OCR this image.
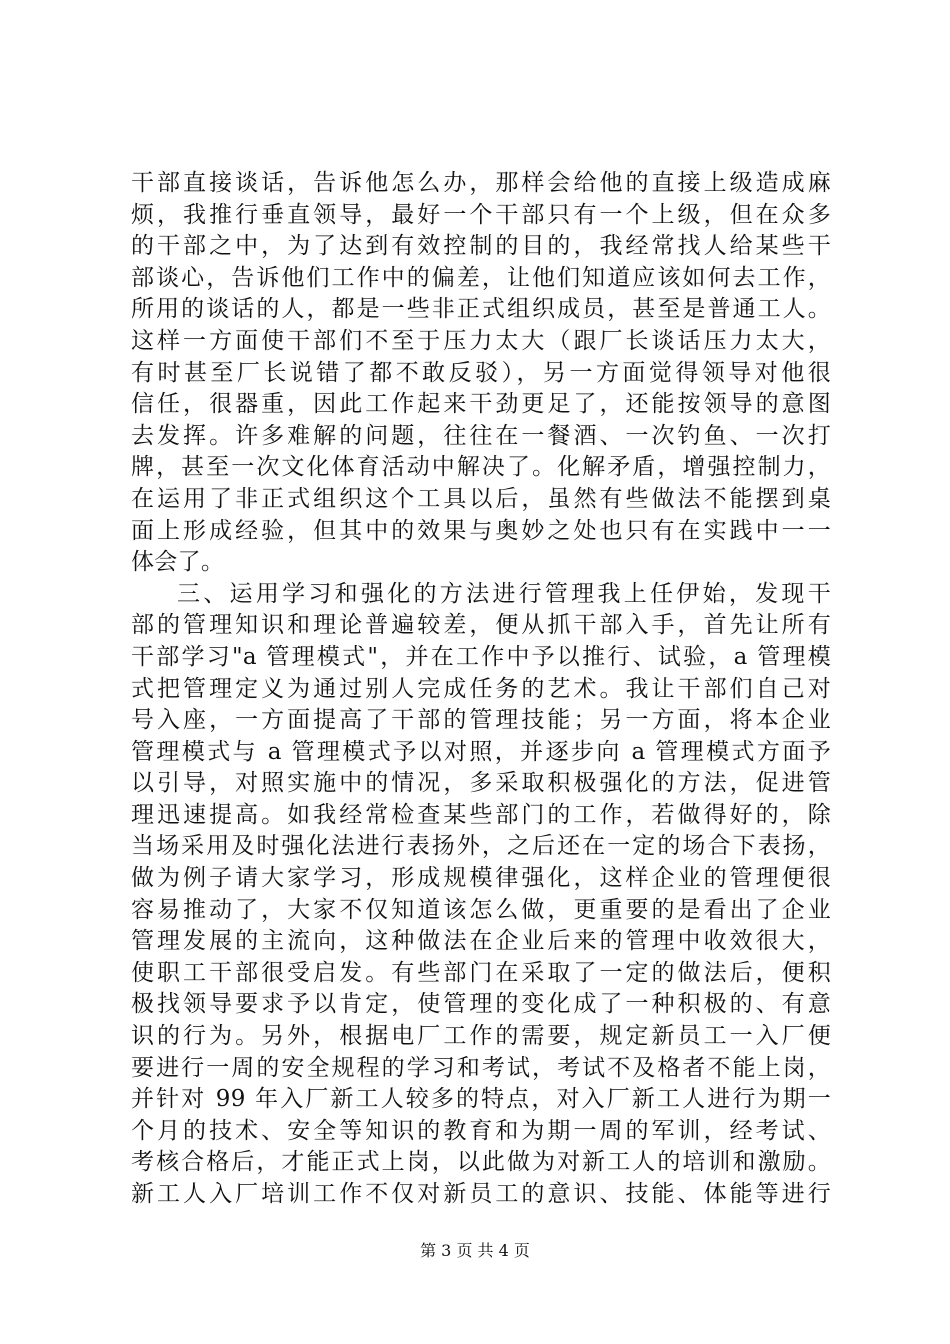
干部直接谈话，告诉他怎么办，那样会给他的直接上级造成麻
烦，我推行垂直领导，最好一个干部只有一个上级，但在众多
的干部之中，为了达到有效控制的目的，我经常找人给某些干
部谈心，告诉他们工作中的偏差，让他们知道应该如何去工作，
所用的谈话的人，都是一些非正式组织成员，甚至是普通工人。
这样一方面使干部们不至于压力太大（跟厂长谈话压力太大，
有时甚至厂长说错了都不敢反驳），另一方面觉得领导对他很
信任，很器重，因此工作起来干劲更足了，还能按领导的意图
去发挥。许多难解的问题，往往在一餐酒、一次钓鱼、一次打
牌，甚至一次文化体育活动中解决了。化解矛盾，增强控制力，
在运用了非正式组织这个工具以后，虽然有些做法不能摆到桌
面上形成经验，但其中的效果与奥妙之处也只有在实践中一一
体会了。
三、运用学习和强化的方法进行管理我上任伊始，发现干
部的管理知识和理论普遍较差，便从抓干部入手，首先让所有
干部学习"a 管理模式"，并在工作中予以推行、试验，a 管理模
式把管理定义为通过别人完成任务的艺术。我让干部们自己对
号入座，一方面提高了干部的管理技能；另一方面，将本企业
管理模式与 a 管理模式予以对照，并逐步向 a 管理模式方面予
以引导，对照实施中的情况，多采取积极强化的方法，促进管
理迅速提高。如我经常检查某些部门的工作，若做得好的，除
当场采用及时强化法进行表扬外，之后还在一定的场合下表扬，
做为例子请大家学习，形成规模律强化，这样企业的管理便很
容易推动了，大家不仅知道该怎么做，更重要的是看出了企业
管理发展的主流向，这种做法在企业后来的管理中收效很大，
使职工干部很受启发。有些部门在采取了一定的做法后，便积
极找领导要求予以肯定，使管理的变化成了一种积极的、有意
识的行为。另外，根据电厂工作的需要，规定新员工一入厂便
要进行一周的安全规程的学习和考试，考试不及格者不能上岗，
并针对 99 年入厂新工人较多的特点，对入厂新工人进行为期一
个月的技术、安全等知识的教育和为期一周的军训，经考试、
考核合格后，才能正式上岗，以此做为对新工人的培训和激励。
新工人入厂培训工作不仅对新员工的意识、技能、体能等进行
第 3 页 共 4 页
